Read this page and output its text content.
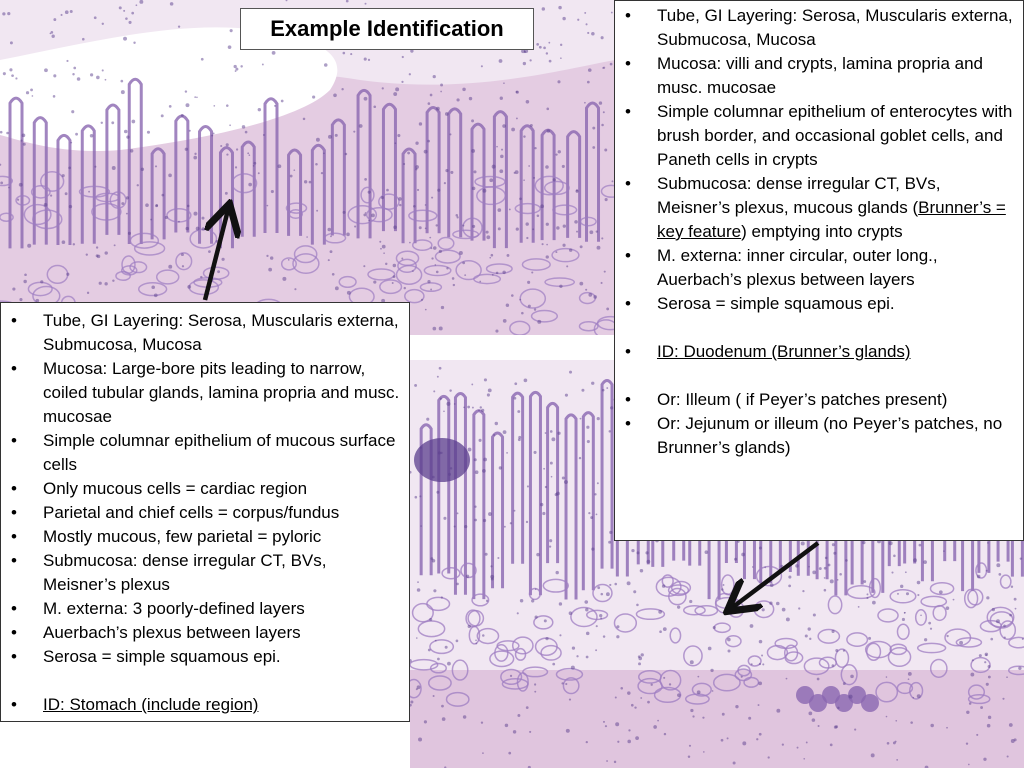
Example Identification
• Tube, GI Layering: Serosa, Muscularis externa, Submucosa, Mucosa
• Mucosa: Large-bore pits leading to narrow, coiled tubular glands, lamina propria and musc. mucosae
• Simple columnar epithelium of mucous surface cells
• Only mucous cells = cardiac region
• Parietal and chief cells = corpus/fundus
• Mostly mucous, few parietal = pyloric
• Submucosa: dense irregular CT, BVs, Meisner’s plexus
• M. externa: 3 poorly-defined layers
• Auerbach’s plexus between layers
• Serosa = simple squamous epi.
• ID: Stomach (include region)
• Tube, GI Layering: Serosa, Muscularis externa, Submucosa, Mucosa
• Mucosa: villi and crypts, lamina propria and musc. mucosae
• Simple columnar epithelium of enterocytes with brush border, and occasional goblet cells, and Paneth cells in crypts
• Submucosa: dense irregular CT, BVs, Meisner’s plexus, mucous glands (Brunner’s = key feature) emptying into crypts
• M. externa: inner circular, outer long., Auerbach’s plexus between layers
• Serosa = simple squamous epi.
• ID: Duodenum (Brunner’s glands)
• Or: Illeum ( if Peyer’s patches present)
• Or: Jejunum or illeum (no Peyer’s patches, no Brunner’s glands)
